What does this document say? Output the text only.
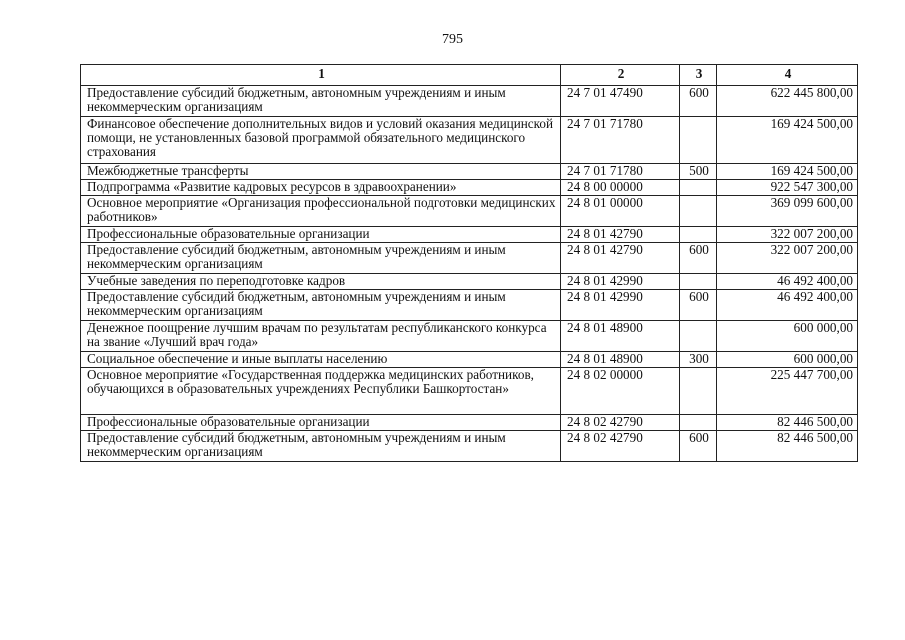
795
1	2	3	4
Предоставление субсидий бюджетным, автономным учреждениям и иным некоммерческим организациям	24 7 01 47490	600	622 445 800,00
Финансовое обеспечение дополнительных видов и условий оказания медицинской помощи, не установленных базовой программой обязательного медицинского страхования	24 7 01 71780		169 424 500,00
Межбюджетные трансферты	24 7 01 71780	500	169 424 500,00
Подпрограмма «Развитие кадровых ресурсов в здравоохранении»	24 8 00 00000		922 547 300,00
Основное мероприятие «Организация профессиональной подготовки медицинских работников»	24 8 01 00000		369 099 600,00
Профессиональные образовательные организации	24 8 01 42790		322 007 200,00
Предоставление субсидий бюджетным, автономным учреждениям и иным некоммерческим организациям	24 8 01 42790	600	322 007 200,00
Учебные заведения по переподготовке кадров	24 8 01 42990		46 492 400,00
Предоставление субсидий бюджетным, автономным учреждениям и иным некоммерческим организациям	24 8 01 42990	600	46 492 400,00
Денежное поощрение лучшим врачам по результатам республиканского конкурса на звание «Лучший врач года»	24 8 01 48900		600 000,00
Социальное обеспечение и иные выплаты населению	24 8 01 48900	300	600 000,00
Основное мероприятие «Государственная поддержка медицинских работников, обучающихся в образовательных учреждениях Республики Башкортостан»	24 8 02 00000		225 447 700,00
Профессиональные образовательные организации	24 8 02 42790		82 446 500,00
Предоставление субсидий бюджетным, автономным учреждениям и иным некоммерческим организациям	24 8 02 42790	600	82 446 500,00
